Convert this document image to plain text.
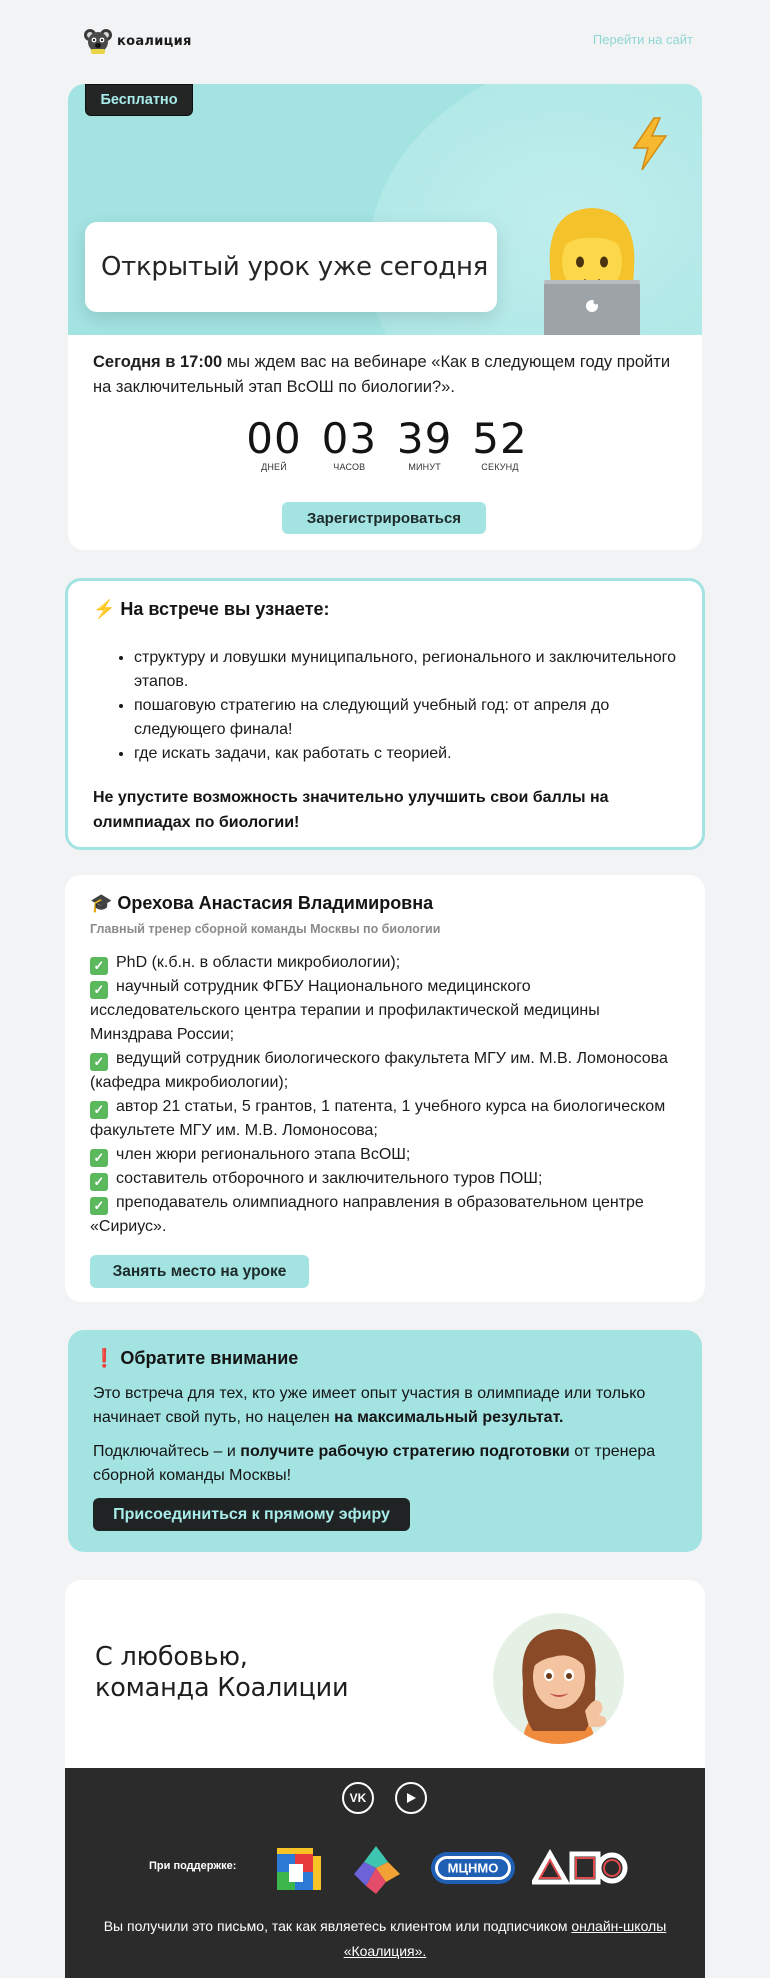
коалиция	Перейти на сайт
Бесплатно
Открытый урок уже сегодня

Сегодня в 17:00 мы ждем вас на вебинаре «Как в следующем году пройти на заключительный этап ВсОШ по биологии?».

00
ДНЕЙ
03
ЧАСОВ
39
МИНУТ
52
СЕКУНД
Зарегистрироваться
⚡ На встрече вы узнаете:
• структуру и ловушки муниципального, регионального и заключительного этапов.
• пошаговую стратегию на следующий учебный год: от апреля до следующего финала!
• где искать задачи, как работать с теорией.

Не упустите возможность значительно улучшить свои баллы на олимпиадах по биологии!

🎓 Орехова Анастасия Владимировна
Главный тренер сборной команды Москвы по биологии
✓ PhD (к.б.н. в области микробиологии);
✓ научный сотрудник ФГБУ Национального медицинского исследовательского центра терапии и профилактической медицины Минздрава России;
✓ ведущий сотрудник биологического факультета МГУ им. М.В. Ломоносова (кафедра микробиологии);
✓ автор 21 статьи, 5 грантов, 1 патента, 1 учебного курса на биологическом факультете МГУ им. М.В. Ломоносова;
✓ член жюри регионального этапа ВсОШ;
✓ составитель отборочного и заключительного туров ПОШ;
✓ преподаватель олимпиадного направления в образовательном центре «Сириус».
Занять место на уроке
❗ Обратите внимание

Это встреча для тех, кто уже имеет опыт участия в олимпиаде или только начинает свой путь, но нацелен на максимальный результат.

Подключайтесь – и получите рабочую стратегию подготовки от тренера сборной команды Москвы!

Присоединиться к прямому эфиру
С любовью,
команда Коалиции
VK
При поддержке:	МЦНМО

Вы получили это письмо, так как являетесь клиентом или подписчиком онлайн-школы «Коалиция».
